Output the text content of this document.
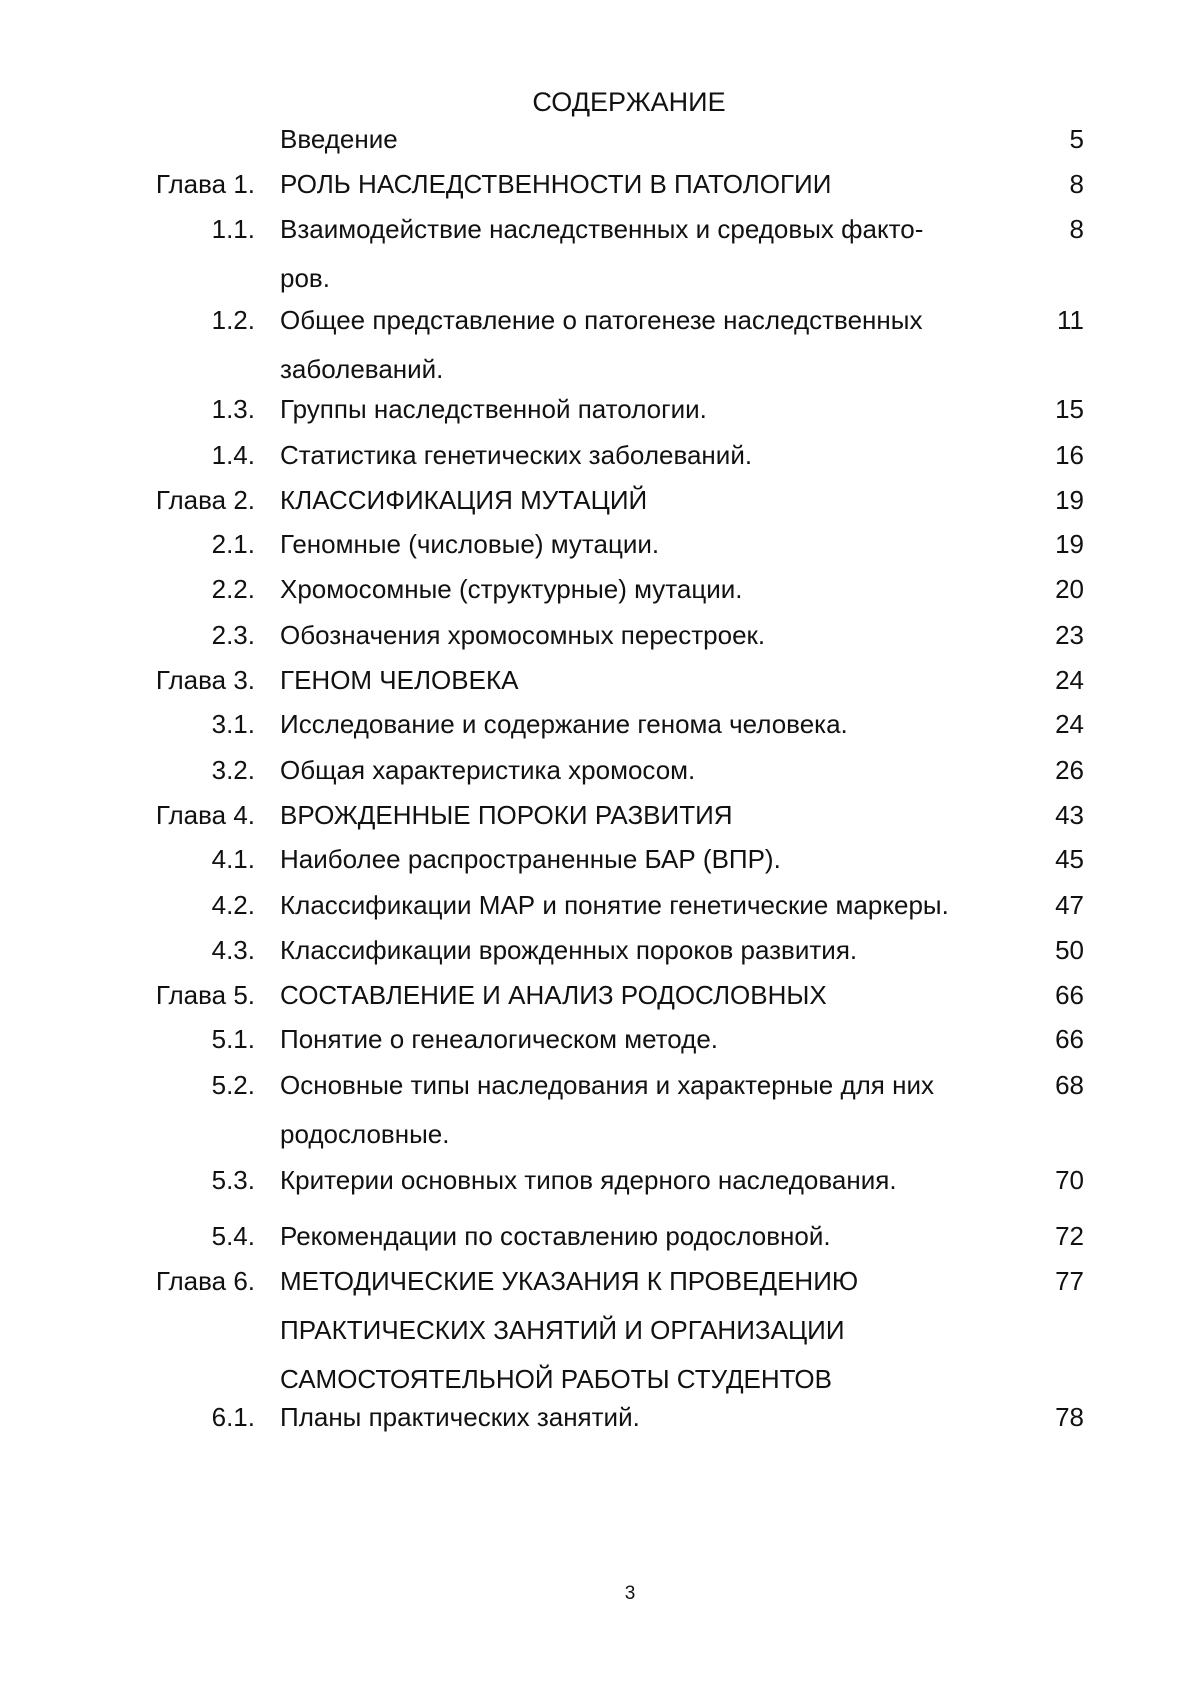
СОДЕРЖАНИЕ
Введение	5
Глава 1. РОЛЬ НАСЛЕДСТВЕННОСТИ В ПАТОЛОГИИ	8
1.1. Взаимодействие наследственных и средовых факто-
ров.
8
1.2. Общее представление о патогенезе наследственных
заболеваний.
11
1.3. Группы наследственной патологии.	15
1.4. Статистика генетических заболеваний.	16
Глава 2. КЛАССИФИКАЦИЯ МУТАЦИЙ	19
2.1. Геномные (числовые) мутации.	19
2.2. Хромосомные (структурные) мутации.	20
2.3. Обозначения хромосомных перестроек.	23
Глава 3. ГЕНОМ ЧЕЛОВЕКА	24
3.1. Исследование и содержание генома человека.	24
3.2. Общая характеристика хромосом.	26
Глава 4. ВРОЖДЕННЫЕ ПОРОКИ РАЗВИТИЯ	43
4.1. Наиболее распространенные БАР (ВПР).	45
4.2. Классификации МАР и понятие генетические маркеры.	47
4.3. Классификации врожденных пороков развития.	50
Глава 5. СОСТАВЛЕНИЕ И АНАЛИЗ РОДОСЛОВНЫХ	66
5.1. Понятие о генеалогическом методе.	66
5.2. Основные типы наследования и характерные для них
родословные.
68
5.3. Критерии основных типов ядерного наследования.	70
5.4. Рекомендации по составлению родословной.	72
Глава 6. МЕТОДИЧЕСКИЕ УКАЗАНИЯ К ПРОВЕДЕНИЮ
ПРАКТИЧЕСКИХ ЗАНЯТИЙ И ОРГАНИЗАЦИИ
САМОСТОЯТЕЛЬНОЙ РАБОТЫ СТУДЕНТОВ
77
6.1. Планы практических занятий.	78
3
